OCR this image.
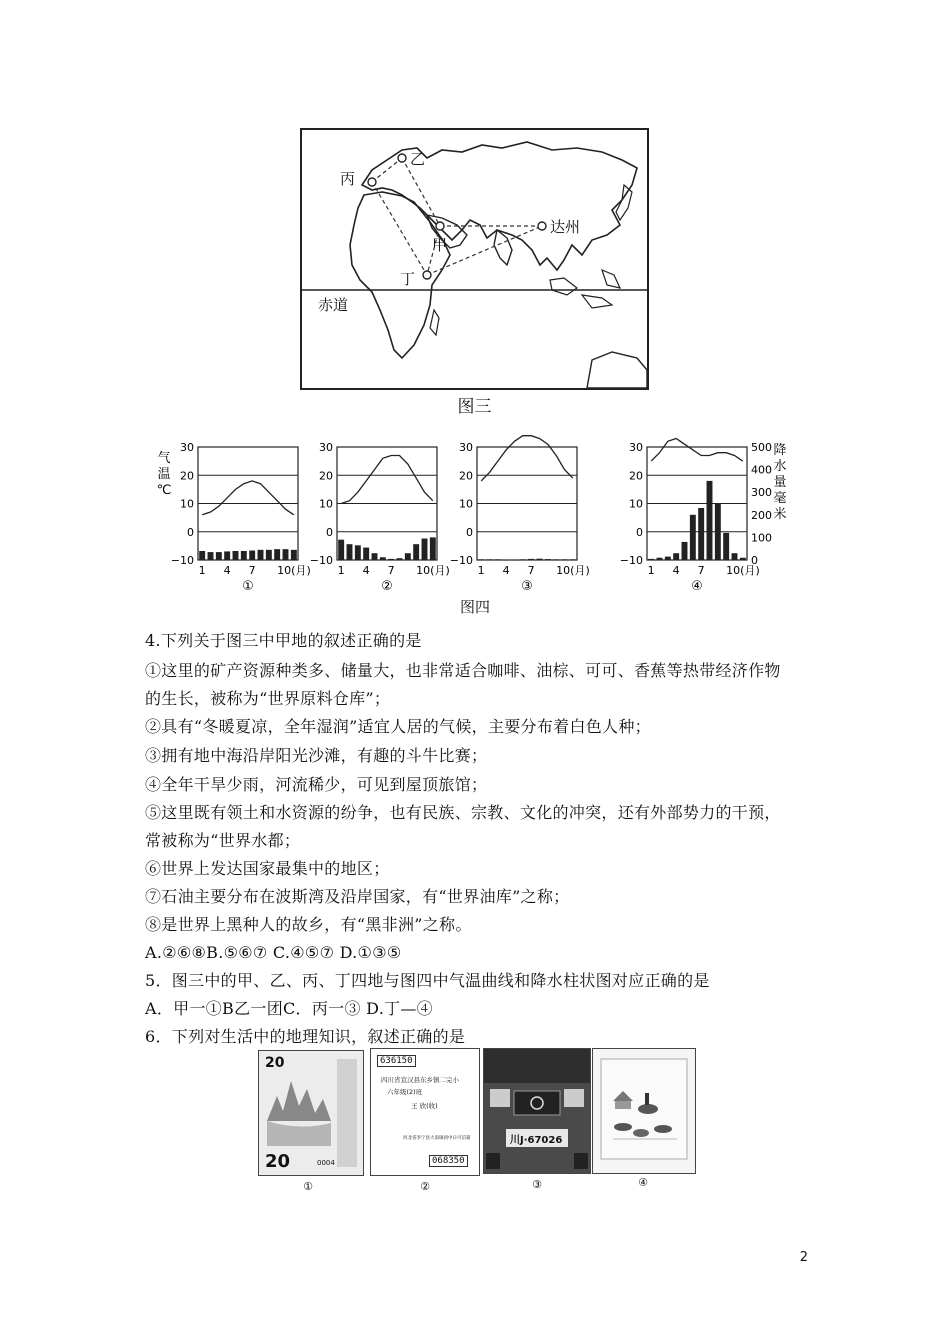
乙
丙
甲
达州
丁
赤道
图三
30
20
10
0
−10
1 4 7 10(月)
①
30
20
10
0
−10
1 4 7 10(月)
②
30
20
10
0
−10
1 4 7 10(月)
③
30
20
10
0
−10
1 4 7 10(月)
④
气
温
℃
500
400
300
200
100
0
降
水
量
毫
米
图四
4.下列关于图三中甲地的叙述正确的是
①这里的矿产资源种类多、储量大，也非常适合咖啡、油棕、可可、香蕉等热带经济作物
的生长，被称为“世界原料仓库”；
②具有“冬暖夏凉，全年湿润”适宜人居的气候，主要分布着白色人种；
③拥有地中海沿岸阳光沙滩，有趣的斗牛比赛；
④全年干旱少雨，河流稀少，可见到屋顶旅馆；
⑤这里既有领土和水资源的纷争，也有民族、宗教、文化的冲突，还有外部势力的干预，
常被称为“世界水都；
⑥世界上发达国家最集中的地区；
⑦石油主要分布在波斯湾及沿岸国家，有“世界油库”之称；
⑧是世界上黑种人的故乡，有“黑非洲”之称。
A.②⑥⑧B.⑤⑥⑦ C.④⑤⑦ D.①③⑤
5．图三中的甲、乙、丙、丁四地与图四中气温曲线和降水柱状图对应正确的是
A．甲一①B乙一团C．丙一③ D.丁—④
6．下列对生活中的地理知识，叙述正确的是
20
20	0004
①
636150
四川省宣汉县东乡镇二完小
六年级(2)班
王 欣(收)
河北省李宁县大南镇初中日可信箱
068350
②
川J·67026
③	④
2
